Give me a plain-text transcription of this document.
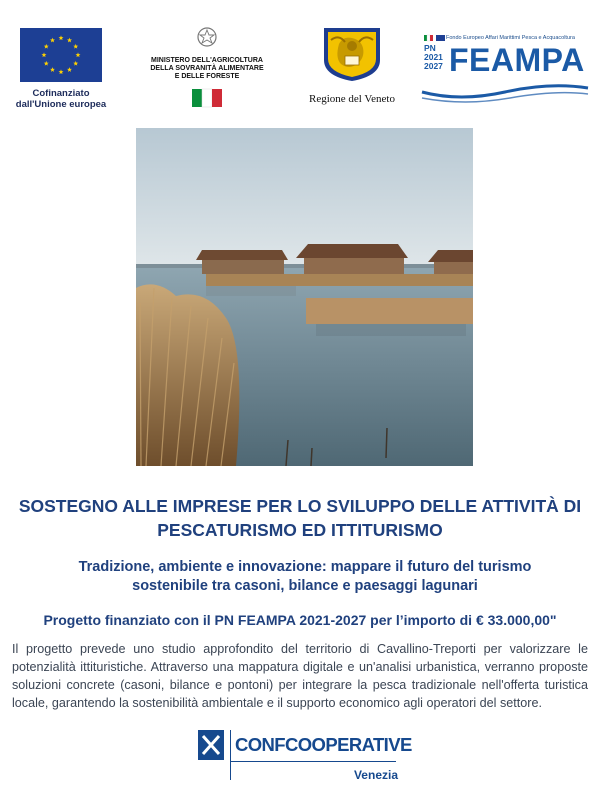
Cofinanziato
dall'Unione europea
MINISTERO DELL'AGRICOLTURA
DELLA SOVRANITÀ ALIMENTARE
E DELLE FORESTE
Regione del Veneto
Fondo Europeo Affari Marittimi Pesca e Acquacoltura
PN
2021
2027 FEAMPA
SOSTEGNO ALLE IMPRESE PER LO SVILUPPO DELLE ATTIVITÀ DI
PESCATURISMO ED ITTITURISMO
Tradizione, ambiente e innovazione: mappare il futuro del turismo
sostenibile tra casoni, bilance e paesaggi lagunari
Progetto finanziato con il PN FEAMPA 2021-2027 per l’importo di € 33.000,00"
Il progetto prevede uno studio approfondito del territorio di Cavallino-Treporti per valorizzare le potenzialità ittituristiche. Attraverso una mappatura digitale e un'analisi urbanistica, verranno proposte soluzioni concrete (casoni, bilance e pontoni) per integrare la pesca tradizionale nell'offerta turistica locale, garantendo la sostenibilità ambientale e il supporto economico agli operatori del settore.
CONFCOOPERATIVE
Venezia
